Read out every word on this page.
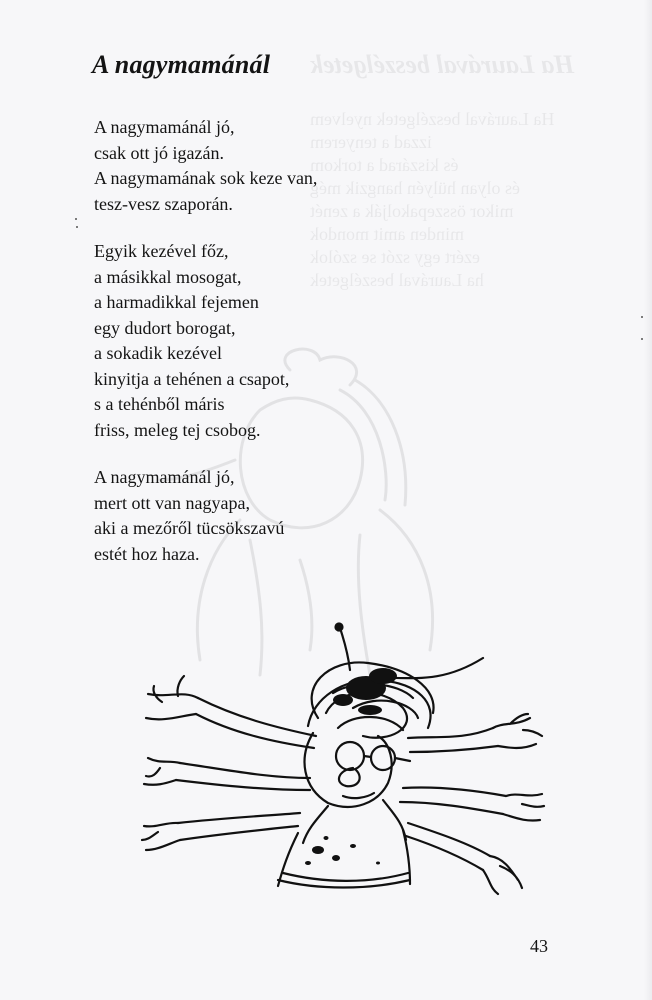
Ha Laurával beszélgetek
Ha Laurával beszélgetek nyelvem
izzad a tenyerem
és kiszárad a torkom
és olyan hülyén hangzik még
mikor összepakolják a zenét
minden amit mondok
ezért egy szót se szólok
ha Laurával beszélgetek
A nagymamánál
A nagymamánál jó,
csak ott jó igazán.
A nagymamának sok keze van,
tesz-vesz szaporán.
Egyik kezével főz,
a másikkal mosogat,
a harmadikkal fejemen
egy dudort borogat,
a sokadik kezével
kinyitja a tehénen a csapot,
s a tehénből máris
friss, meleg tej csobog.
A nagymamánál jó,
mert ott van nagyapa,
aki a mezőről tücsökszavú
estét hoz haza.
43
